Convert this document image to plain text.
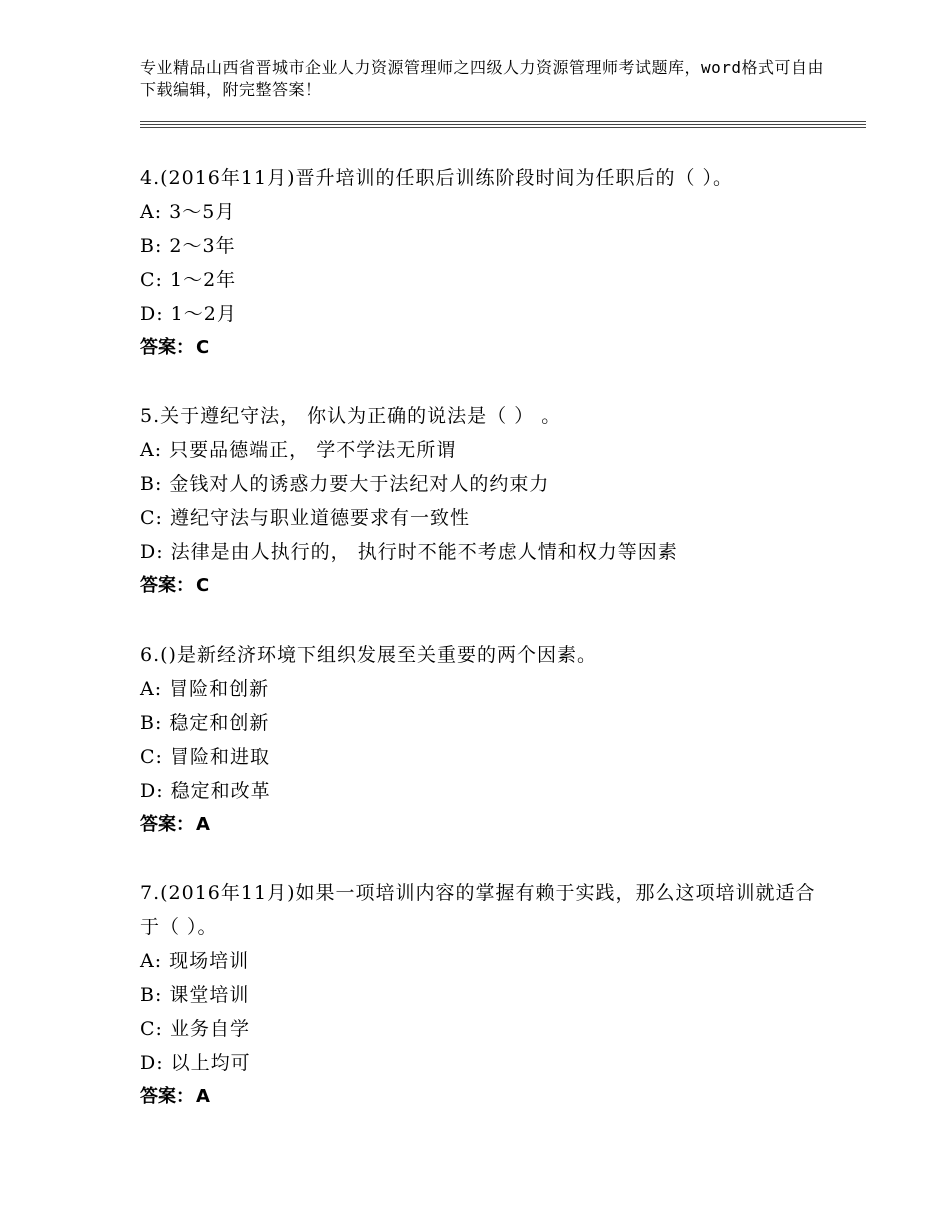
专业精品山西省晋城市企业人力资源管理师之四级人力资源管理师考试题库，word格式可自由下载编辑，附完整答案！
4.(2016年11月)晋升培训的任职后训练阶段时间为任职后的（ ）。
A: 3～5月
B: 2～3年
C: 1～2年
D: 1～2月
答案： C
5.关于遵纪守法， 你认为正确的说法是（ ） 。
A: 只要品德端正， 学不学法无所谓
B: 金钱对人的诱惑力要大于法纪对人的约束力
C: 遵纪守法与职业道德要求有一致性
D: 法律是由人执行的， 执行时不能不考虑人情和权力等因素
答案： C
6.()是新经济环境下组织发展至关重要的两个因素。
A: 冒险和创新
B: 稳定和创新
C: 冒险和进取
D: 稳定和改革
答案： A
7.(2016年11月)如果一项培训内容的掌握有赖于实践，那么这项培训就适合于（ ）。
A: 现场培训
B: 课堂培训
C: 业务自学
D: 以上均可
答案： A
